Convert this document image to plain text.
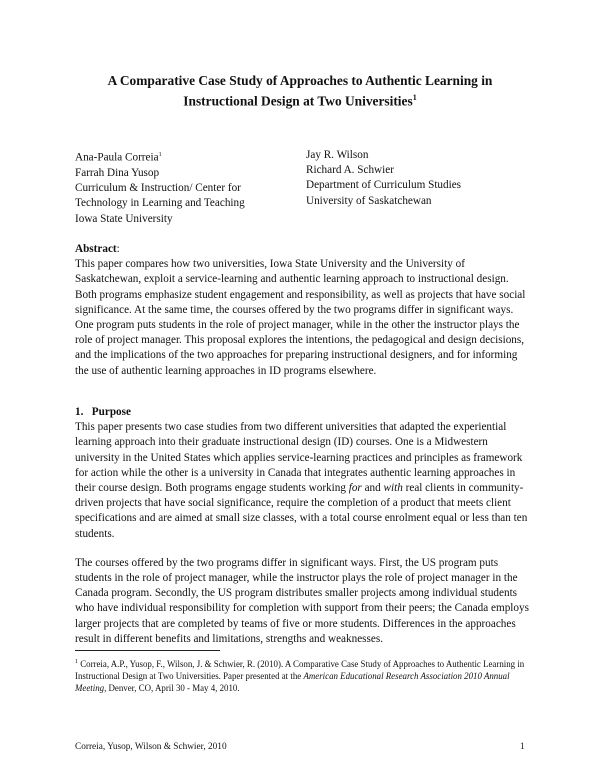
A Comparative Case Study of Approaches to Authentic Learning in
Instructional Design at Two Universities$^1$
Ana-Paula Correia$^1$
Farrah Dina Yusop
Curriculum & Instruction/ Center for
Technology in Learning and Teaching
Iowa State University
Jay R. Wilson
Richard A. Schwier
Department of Curriculum Studies
University of Saskatchewan
Abstract:

This paper compares how two universities, Iowa State University and the University of Saskatchewan, exploit a service-learning and authentic learning approach to instructional design. Both programs emphasize student engagement and responsibility, as well as projects that have social significance. At the same time, the courses offered by the two programs differ in significant ways. One program puts students in the role of project manager, while in the other the instructor plays the role of project manager. This proposal explores the intentions, the pedagogical and design decisions, and the implications of the two approaches for preparing instructional designers, and for informing the use of authentic learning approaches in ID programs elsewhere.

1. Purpose

This paper presents two case studies from two different universities that adapted the experiential learning approach into their graduate instructional design (ID) courses. One is a Midwestern university in the United States which applies service-learning practices and principles as framework for action while the other is a university in Canada that integrates authentic learning approaches in their course design. Both programs engage students working for and with real clients in community-driven projects that have social significance, require the completion of a product that meets client specifications and are aimed at small size classes, with a total course enrolment equal or less than ten students.

The courses offered by the two programs differ in significant ways. First, the US program puts students in the role of project manager, while the instructor plays the role of project manager in the Canada program. Secondly, the US program distributes smaller projects among individual students who have individual responsibility for completion with support from their peers; the Canada employs larger projects that are completed by teams of five or more students. Differences in the approaches result in different benefits and limitations, strengths and weaknesses.

$^1$ Correia, A.P., Yusop, F., Wilson, J. & Schwier, R. (2010). A Comparative Case Study of Approaches to Authentic Learning in Instructional Design at Two Universities. Paper presented at the American Educational Research Association 2010 Annual Meeting, Denver, CO, April 30 - May 4, 2010.
Correia, Yusop, Wilson & Schwier, 2010	1
